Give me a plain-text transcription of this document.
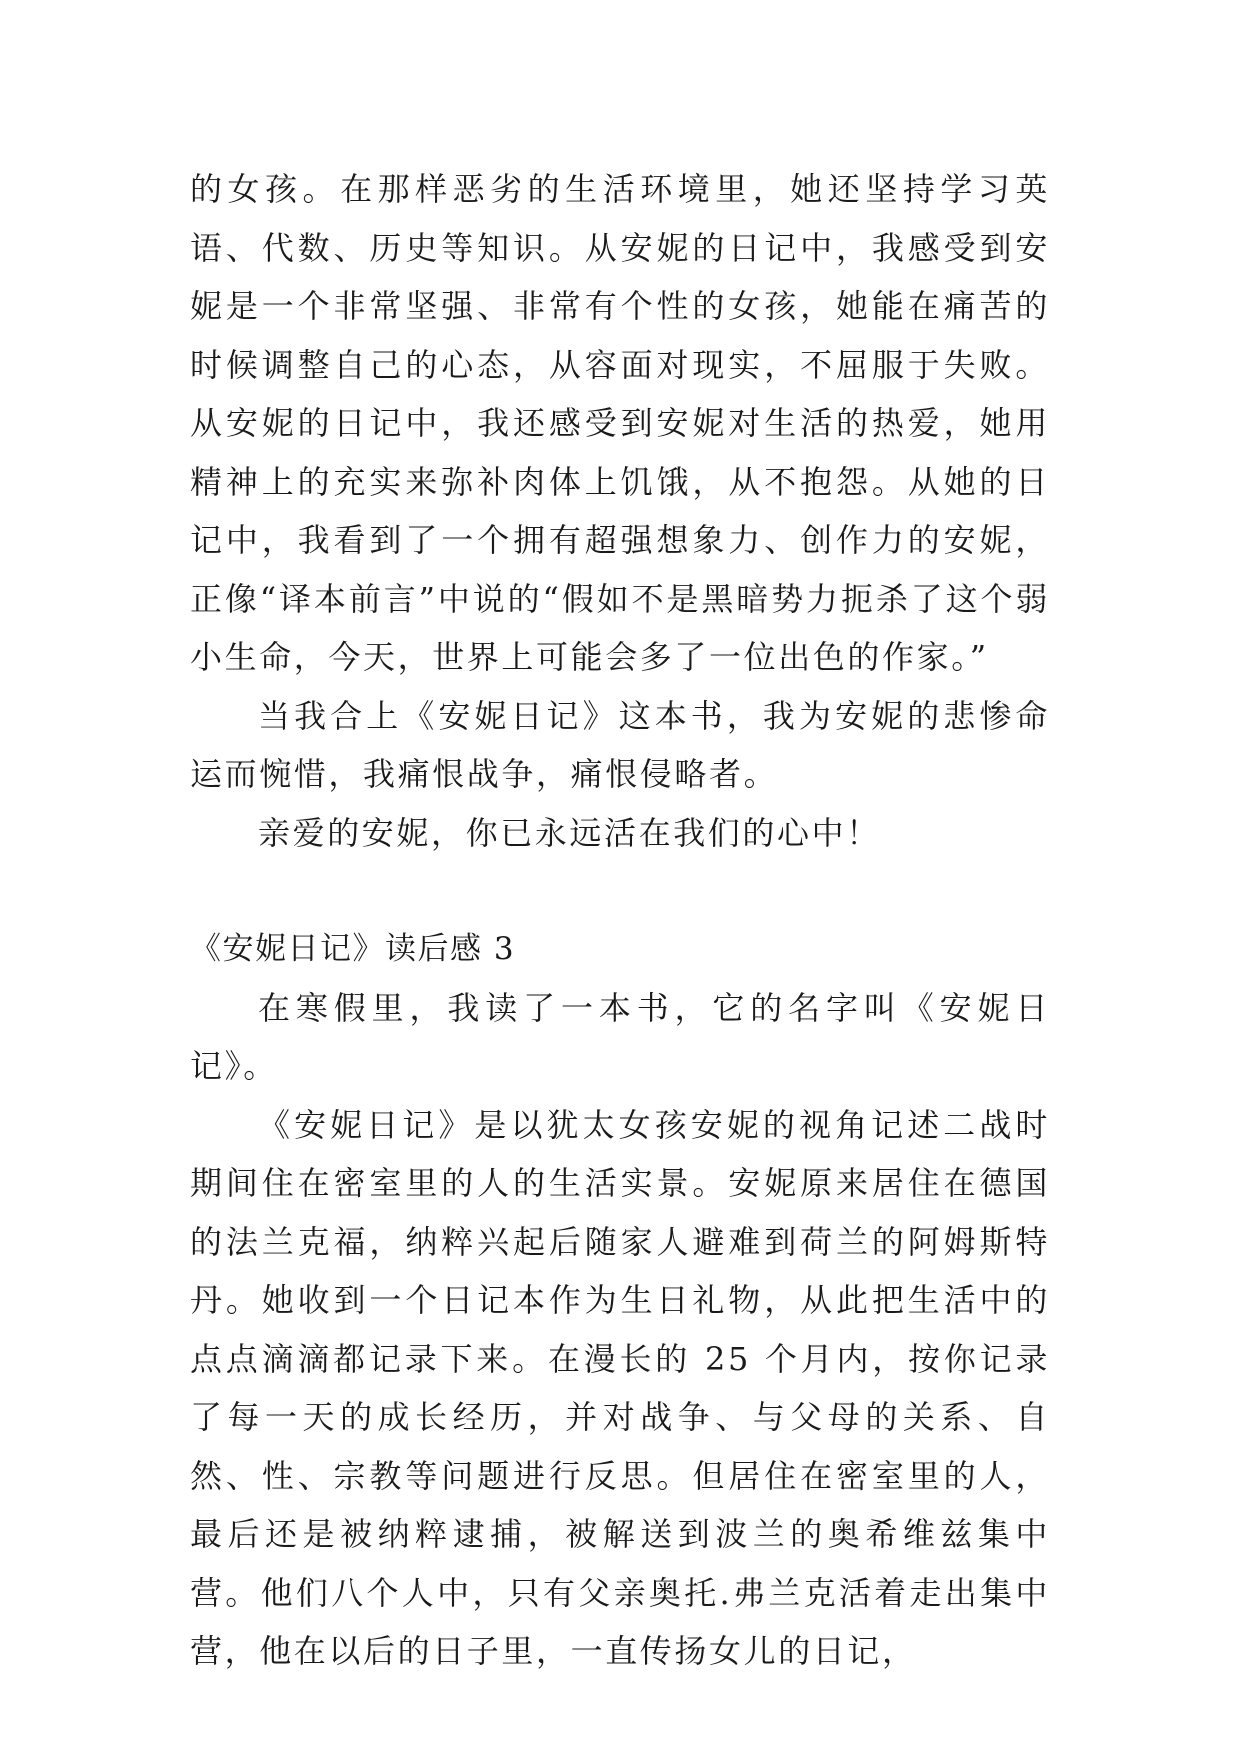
的女孩。在那样恶劣的生活环境里，她还坚持学习英语、代数、历史等知识。从安妮的日记中，我感受到安妮是一个非常坚强、非常有个性的女孩，她能在痛苦的时候调整自己的心态，从容面对现实，不屈服于失败。从安妮的日记中，我还感受到安妮对生活的热爱，她用精神上的充实来弥补肉体上饥饿，从不抱怨。从她的日记中，我看到了一个拥有超强想象力、创作力的安妮，正像“译本前言”中说的“假如不是黑暗势力扼杀了这个弱小生命，今天，世界上可能会多了一位出色的作家。”

当我合上《安妮日记》这本书，我为安妮的悲惨命运而惋惜，我痛恨战争，痛恨侵略者。

亲爱的安妮，你已永远活在我们的心中！

《安妮日记》读后感 3

在寒假里，我读了一本书，它的名字叫《安妮日记》。

《安妮日记》是以犹太女孩安妮的视角记述二战时期间住在密室里的人的生活实景。安妮原来居住在德国的法兰克福，纳粹兴起后随家人避难到荷兰的阿姆斯特丹。她收到一个日记本作为生日礼物，从此把生活中的点点滴滴都记录下来。在漫长的 25 个月内，按你记录了每一天的成长经历，并对战争、与父母的关系、自然、性、宗教等问题进行反思。但居住在密室里的人，最后还是被纳粹逮捕，被解送到波兰的奥希维兹集中营。他们八个人中，只有父亲奥托.弗兰克活着走出集中营，他在以后的日子里，一直传扬女儿的日记，
